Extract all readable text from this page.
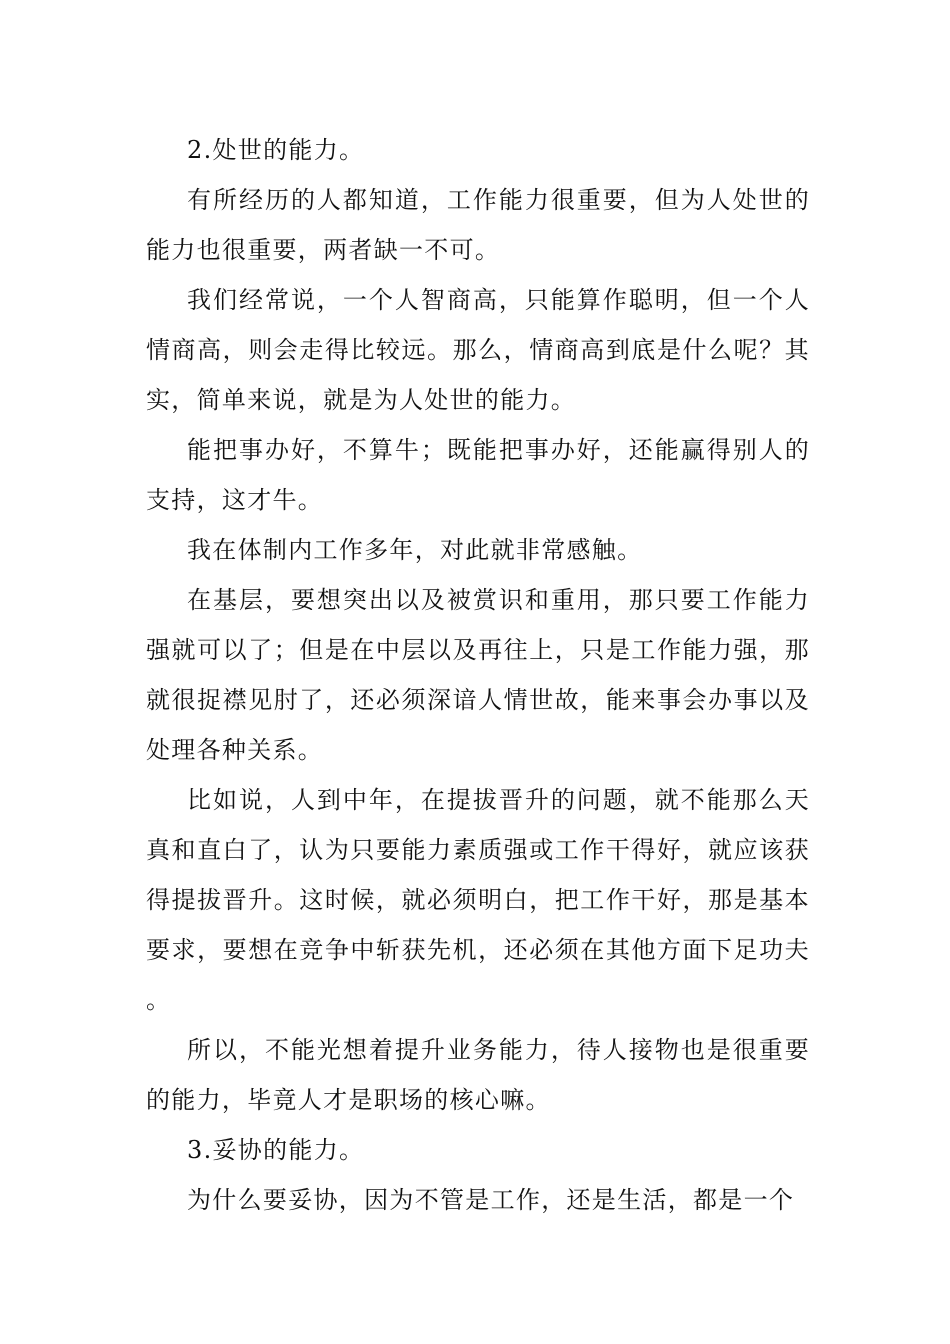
2.处世的能力。

有所经历的人都知道，工作能力很重要，但为人处世的能力也很重要，两者缺一不可。

我们经常说，一个人智商高，只能算作聪明，但一个人情商高，则会走得比较远。那么，情商高到底是什么呢？其实，简单来说，就是为人处世的能力。

能把事办好，不算牛；既能把事办好，还能赢得别人的支持，这才牛。

我在体制内工作多年，对此就非常感触。

在基层，要想突出以及被赏识和重用，那只要工作能力强就可以了；但是在中层以及再往上，只是工作能力强，那就很捉襟见肘了，还必须深谙人情世故，能来事会办事以及处理各种关系。

比如说，人到中年，在提拔晋升的问题，就不能那么天真和直白了，认为只要能力素质强或工作干得好，就应该获得提拔晋升。这时候，就必须明白，把工作干好，那是基本要求，要想在竞争中斩获先机，还必须在其他方面下足功夫。

所以，不能光想着提升业务能力，待人接物也是很重要的能力，毕竟人才是职场的核心嘛。

3.妥协的能力。

为什么要妥协，因为不管是工作，还是生活，都是一个
